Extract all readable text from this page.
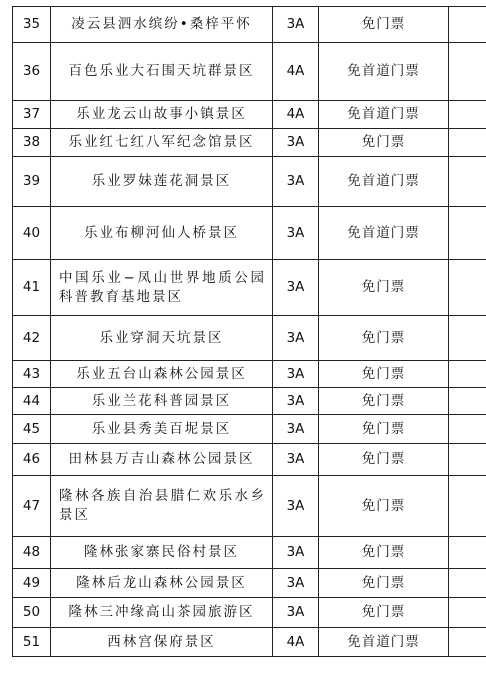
35	凌云县泗水缤纷•桑梓平怀	3A	免门票	
36	百色乐业大石围天坑群景区	4A	免首道门票	
37	乐业龙云山故事小镇景区	4A	免首道门票	
38	乐业红七红八军纪念馆景区	3A	免门票	
39	乐业罗妹莲花洞景区	3A	免首道门票	
40	乐业布柳河仙人桥景区	3A	免首道门票	
41	中国乐业−凤山世界地质公园科普教育基地景区	3A	免门票	
42	乐业穿洞天坑景区	3A	免门票	
43	乐业五台山森林公园景区	3A	免门票	
44	乐业兰花科普园景区	3A	免门票	
45	乐业县秀美百坭景区	3A	免门票	
46	田林县万吉山森林公园景区	3A	免门票	
47	隆林各族自治县腊仁欢乐水乡景区	3A	免门票	
48	隆林张家寨民俗村景区	3A	免门票	
49	隆林后龙山森林公园景区	3A	免门票	
50	隆林三冲缘高山茶园旅游区	3A	免门票	
51	西林宫保府景区	4A	免首道门票	
